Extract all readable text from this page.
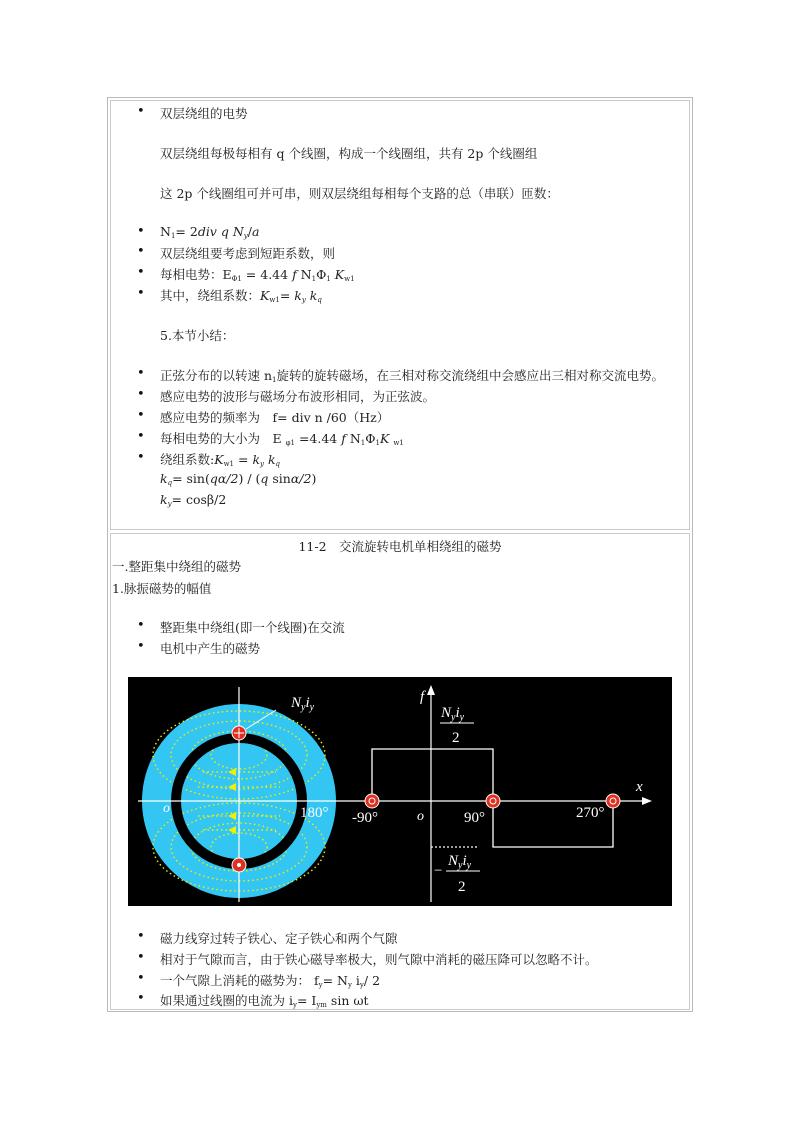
• 双层绕组的电势
双层绕组每极每相有 q 个线圈，构成一个线圈组，共有 2p 个线圈组
这 2p 个线圈组可并可串，则双层绕组每相每个支路的总（串联）匝数：
• $N_1= 2div$ q $N_y/a$
• 双层绕组要考虑到短距系数，则
• 每相电势：$E_{\Phi 1} = 4.44$ f $N_1\Phi_1$ $K_{w1}$
• 其中，绕组系数：$K_{w1}= k_y$ $k_q$
5.本节小结：
• 正弦分布的以转速 $n_1$旋转的旋转磁场，在三相对称交流绕组中会感应出三相对称交流电势。
• 感应电势的波形与磁场分布波形相同，为正弦波。
• 感应电势的频率为　f= div n /60（Hz）
• 每相电势的大小为　E $_{\varphi 1}$ =4.44 f $N_1\Phi_1K$ $_{w1}$
• 绕组系数$:K_{w1} = k_y$ $k_q$
$k_q= \sin(q\alpha/2) / (q$ sinα/2)
$k_y= \cos\beta/2$
11-2　交流旋转电机单相绕组的磁势
一.整距集中绕组的磁势
1.脉振磁势的幅值
• 整距集中绕组(即一个线圈)在交流
• 电机中产生的磁势
$N_yi_y$
o	180°
f
x
o
-90°	90°	270°
$N_yi_y$
2
−
$N_yi_y$
2
• 磁力线穿过转子铁心、定子铁心和两个气隙
• 相对于气隙而言，由于铁心磁导率极大，则气隙中消耗的磁压降可以忽略不计。
• 一个气隙上消耗的磁势为： $f_y= N_y$ $i_y/$ 2
• 如果通过线圈的电流为 $i_y= I_{ym}$ sin ωt
